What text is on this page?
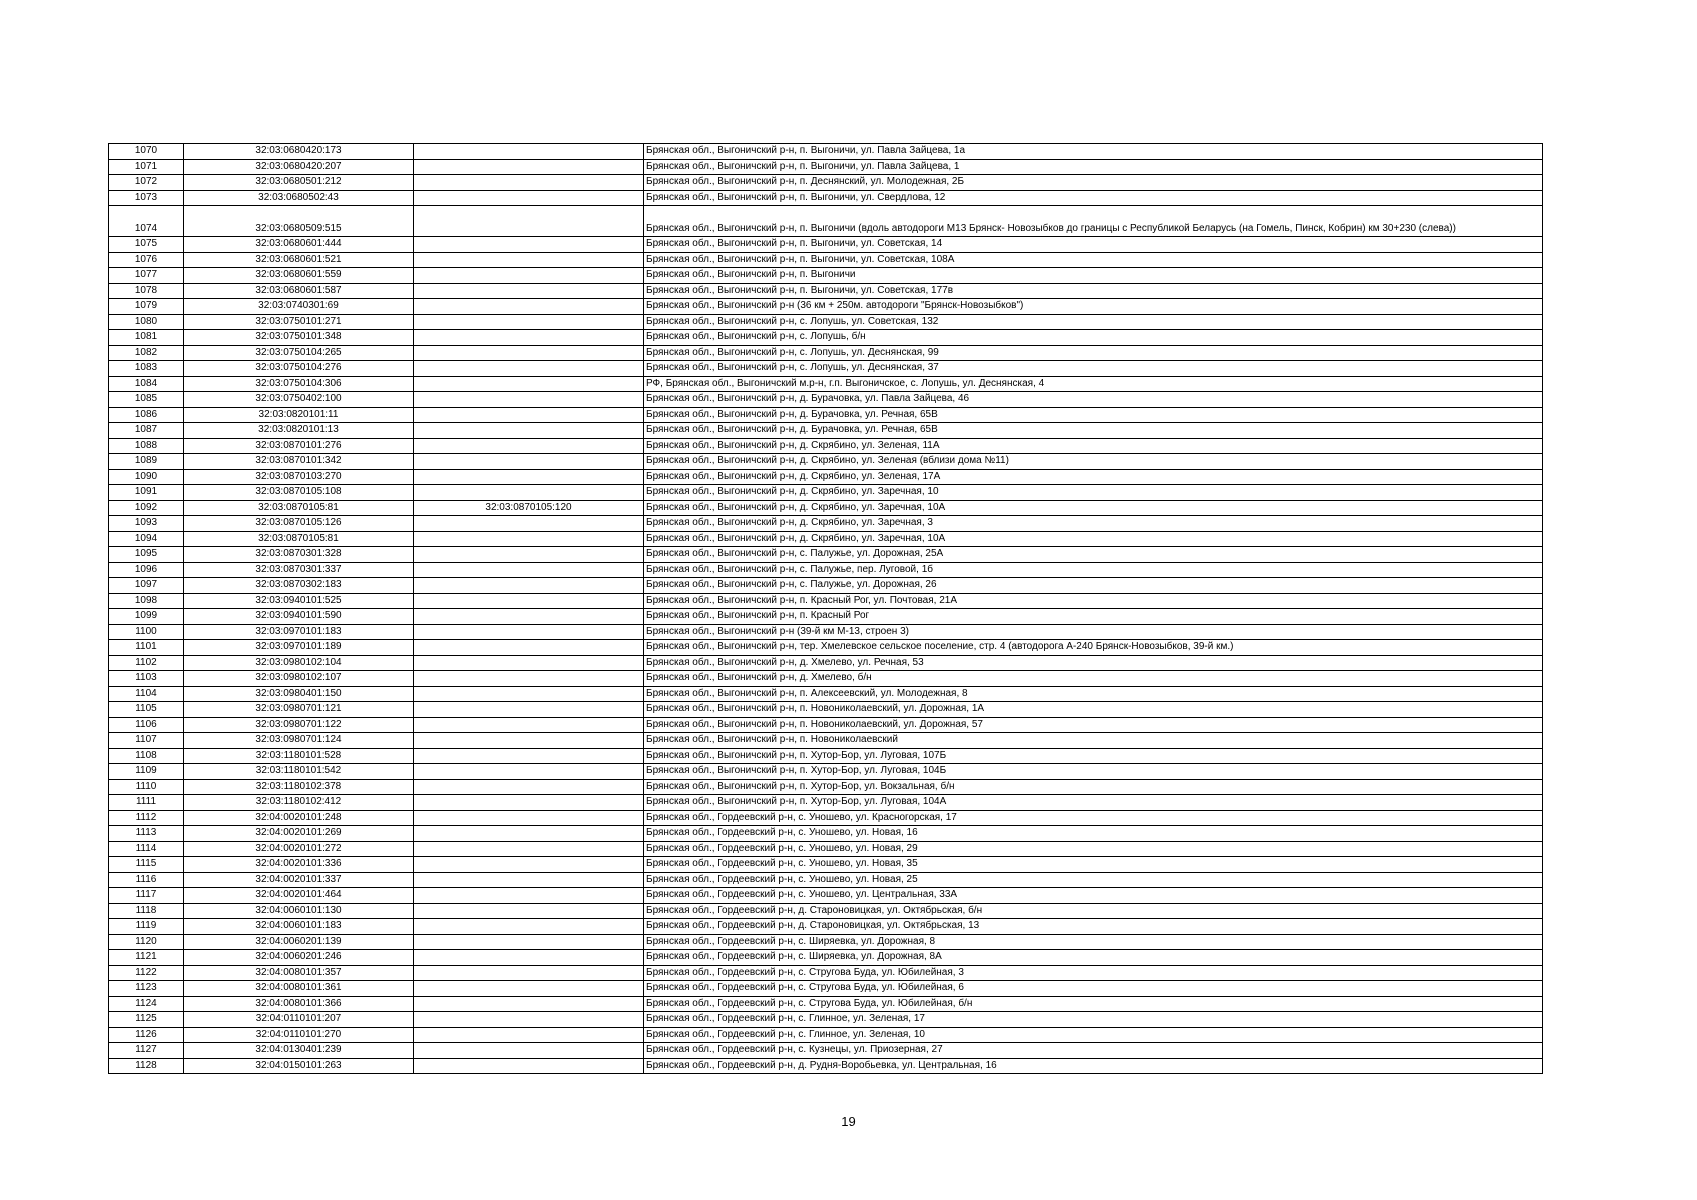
1070	32:03:0680420:173		Брянская обл., Выгоничский р-н, п. Выгоничи, ул. Павла Зайцева, 1а
1071	32:03:0680420:207		Брянская обл., Выгоничский р-н, п. Выгоничи, ул. Павла Зайцева, 1
1072	32:03:0680501:212		Брянская обл., Выгоничский р-н, п. Деснянский, ул. Молодежная, 2Б
1073	32:03:0680502:43		Брянская обл., Выгоничский р-н, п. Выгоничи, ул. Свердлова, 12
1074	32:03:0680509:515		Брянская обл., Выгоничский р-н, п. Выгоничи (вдоль автодороги М13 Брянск- Новозыбков до границы с Республикой Беларусь (на Гомель, Пинск, Кобрин) км 30+230 (слева))
1075	32:03:0680601:444		Брянская обл., Выгоничский р-н, п. Выгоничи, ул. Советская, 14
1076	32:03:0680601:521		Брянская обл., Выгоничский р-н, п. Выгоничи, ул. Советская, 108А
1077	32:03:0680601:559		Брянская обл., Выгоничский р-н, п. Выгоничи
1078	32:03:0680601:587		Брянская обл., Выгоничский р-н, п. Выгоничи, ул. Советская, 177в
1079	32:03:0740301:69		Брянская обл., Выгоничский р-н (36 км + 250м. автодороги "Брянск-Новозыбков")
1080	32:03:0750101:271		Брянская обл., Выгоничский р-н, с. Лопушь, ул. Советская, 132
1081	32:03:0750101:348		Брянская обл., Выгоничский р-н, с. Лопушь, б/н
1082	32:03:0750104:265		Брянская обл., Выгоничский р-н, с. Лопушь, ул. Деснянская, 99
1083	32:03:0750104:276		Брянская обл., Выгоничский р-н, с. Лопушь, ул. Деснянская, 37
1084	32:03:0750104:306		РФ, Брянская обл., Выгоничский м.р-н, г.п. Выгоничское, с. Лопушь, ул. Деснянская, 4
1085	32:03:0750402:100		Брянская обл., Выгоничский р-н, д. Бурачовка, ул. Павла Зайцева, 46
1086	32:03:0820101:11		Брянская обл., Выгоничский р-н, д. Бурачовка, ул. Речная, 65В
1087	32:03:0820101:13		Брянская обл., Выгоничский р-н, д. Бурачовка, ул. Речная, 65В
1088	32:03:0870101:276		Брянская обл., Выгоничский р-н, д. Скрябино, ул. Зеленая, 11А
1089	32:03:0870101:342		Брянская обл., Выгоничский р-н, д. Скрябино, ул. Зеленая (вблизи дома №11)
1090	32:03:0870103:270		Брянская обл., Выгоничский р-н, д. Скрябино, ул. Зеленая, 17А
1091	32:03:0870105:108		Брянская обл., Выгоничский р-н, д. Скрябино, ул. Заречная, 10
1092	32:03:0870105:81	32:03:0870105:120	Брянская обл., Выгоничский р-н, д. Скрябино, ул. Заречная, 10А
1093	32:03:0870105:126		Брянская обл., Выгоничский р-н, д. Скрябино, ул. Заречная, 3
1094	32:03:0870105:81		Брянская обл., Выгоничский р-н, д. Скрябино, ул. Заречная, 10А
1095	32:03:0870301:328		Брянская обл., Выгоничский р-н, с. Палужье, ул. Дорожная, 25А
1096	32:03:0870301:337		Брянская обл., Выгоничский р-н, с. Палужье, пер. Луговой, 1б
1097	32:03:0870302:183		Брянская обл., Выгоничский р-н, с. Палужье, ул. Дорожная, 26
1098	32:03:0940101:525		Брянская обл., Выгоничский р-н, п. Красный Рог, ул. Почтовая, 21А
1099	32:03:0940101:590		Брянская обл., Выгоничский р-н, п. Красный Рог
1100	32:03:0970101:183		Брянская обл., Выгоничский р-н (39-й км М-13, строен 3)
1101	32:03:0970101:189		Брянская обл., Выгоничский р-н, тер. Хмелевское сельское поселение, стр. 4 (автодорога А-240 Брянск-Новозыбков, 39-й км.)
1102	32:03:0980102:104		Брянская обл., Выгоничский р-н, д. Хмелево, ул. Речная, 53
1103	32:03:0980102:107		Брянская обл., Выгоничский р-н, д. Хмелево, б/н
1104	32:03:0980401:150		Брянская обл., Выгоничский р-н, п. Алексеевский, ул. Молодежная, 8
1105	32:03:0980701:121		Брянская обл., Выгоничский р-н, п. Новониколаевский, ул. Дорожная, 1А
1106	32:03:0980701:122		Брянская обл., Выгоничский р-н, п. Новониколаевский, ул. Дорожная, 57
1107	32:03:0980701:124		Брянская обл., Выгоничский р-н, п. Новониколаевский
1108	32:03:1180101:528		Брянская обл., Выгоничский р-н, п. Хутор-Бор, ул. Луговая, 107Б
1109	32:03:1180101:542		Брянская обл., Выгоничский р-н, п. Хутор-Бор, ул. Луговая, 104Б
1110	32:03:1180102:378		Брянская обл., Выгоничский р-н, п. Хутор-Бор, ул. Вокзальная, б/н
1111	32:03:1180102:412		Брянская обл., Выгоничский р-н, п. Хутор-Бор, ул. Луговая, 104А
1112	32:04:0020101:248		Брянская обл., Гордеевский р-н, с. Уношево, ул. Красногорская, 17
1113	32:04:0020101:269		Брянская обл., Гордеевский р-н, с. Уношево, ул. Новая, 16
1114	32:04:0020101:272		Брянская обл., Гордеевский р-н, с. Уношево, ул. Новая, 29
1115	32:04:0020101:336		Брянская обл., Гордеевский р-н, с. Уношево, ул. Новая, 35
1116	32:04:0020101:337		Брянская обл., Гордеевский р-н, с. Уношево, ул. Новая, 25
1117	32:04:0020101:464		Брянская обл., Гордеевский р-н, с. Уношево, ул. Центральная, 33А
1118	32:04:0060101:130		Брянская обл., Гордеевский р-н, д. Староновицкая, ул. Октябрьская, б/н
1119	32:04:0060101:183		Брянская обл., Гордеевский р-н, д. Староновицкая, ул. Октябрьская, 13
1120	32:04:0060201:139		Брянская обл., Гордеевский р-н, с. Ширяевка, ул. Дорожная, 8
1121	32:04:0060201:246		Брянская обл., Гордеевский р-н, с. Ширяевка, ул. Дорожная, 8А
1122	32:04:0080101:357		Брянская обл., Гордеевский р-н, с. Стругова Буда, ул. Юбилейная, 3
1123	32:04:0080101:361		Брянская обл., Гордеевский р-н, с. Стругова Буда, ул. Юбилейная, 6
1124	32:04:0080101:366		Брянская обл., Гордеевский р-н, с. Стругова Буда, ул. Юбилейная, б/н
1125	32:04:0110101:207		Брянская обл., Гордеевский р-н, с. Глинное, ул. Зеленая, 17
1126	32:04:0110101:270		Брянская обл., Гордеевский р-н, с. Глинное, ул. Зеленая, 10
1127	32:04:0130401:239		Брянская обл., Гордеевский р-н, с. Кузнецы, ул. Приозерная, 27
1128	32:04:0150101:263		Брянская обл., Гордеевский р-н, д. Рудня-Воробьевка, ул. Центральная, 16
19
